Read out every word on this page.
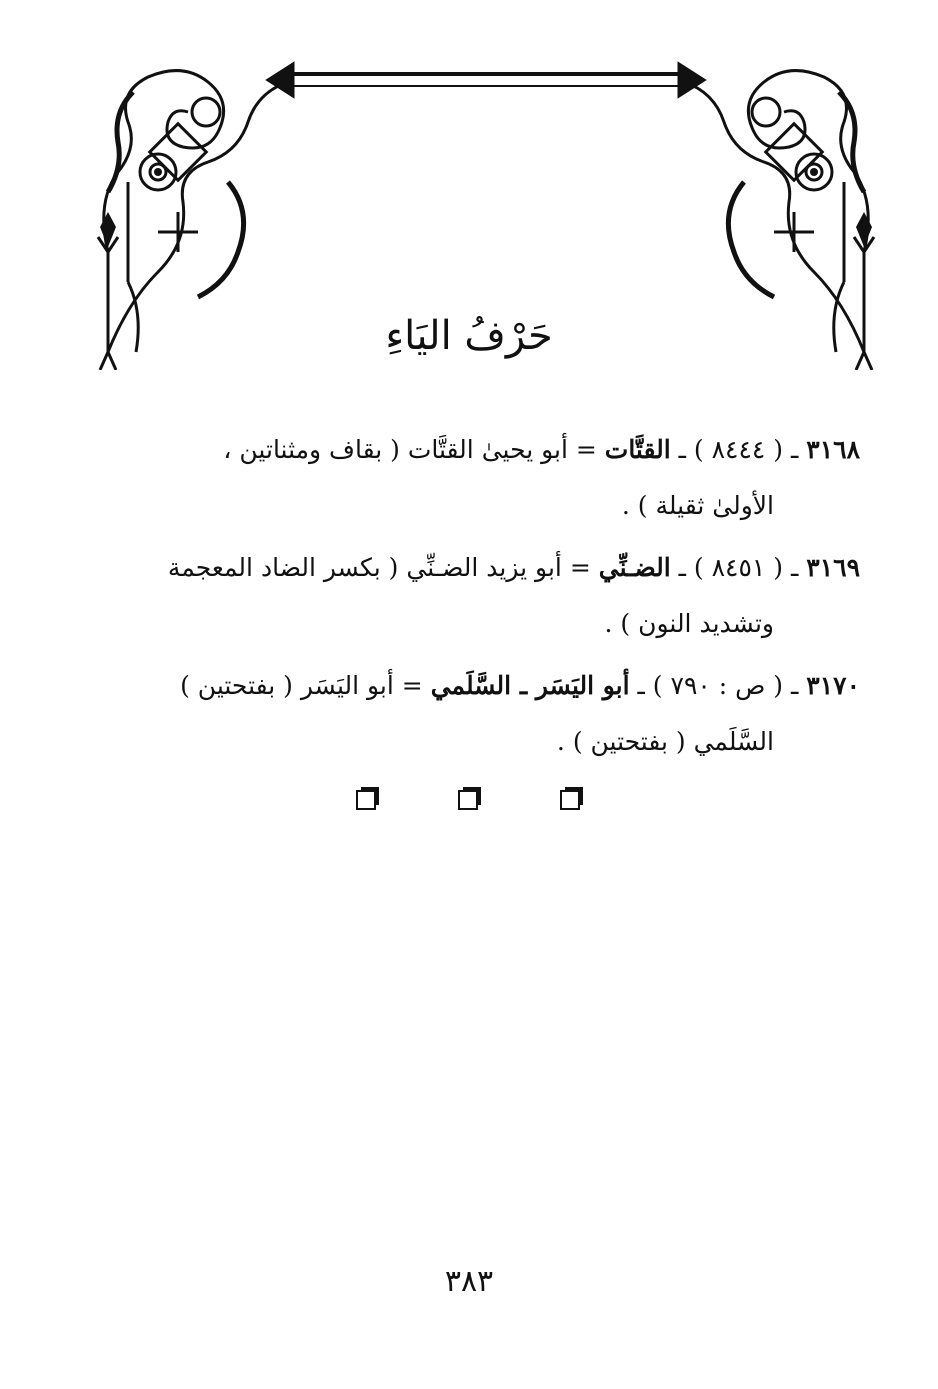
حَرْفُ اليَاءِ
٣١٦٨ ـ ( ٨٤٤٤ ) ـ القتَّات = أبو يحيىٰ القتَّات ( بقاف ومثناتين ،
الأولىٰ ثقيلة ) .
٣١٦٩ ـ ( ٨٤٥١ ) ـ الضـنِّي = أبو يزيد الضـنِّي ( بكسر الضاد المعجمة
وتشديد النون ) .
٣١٧٠ ـ ( ص : ٧٩٠ ) ـ أبو اليَسَر ـ السَّلَمي = أبو اليَسَر ( بفتحتين )
السَّلَمي ( بفتحتين ) .
٣٨٣
